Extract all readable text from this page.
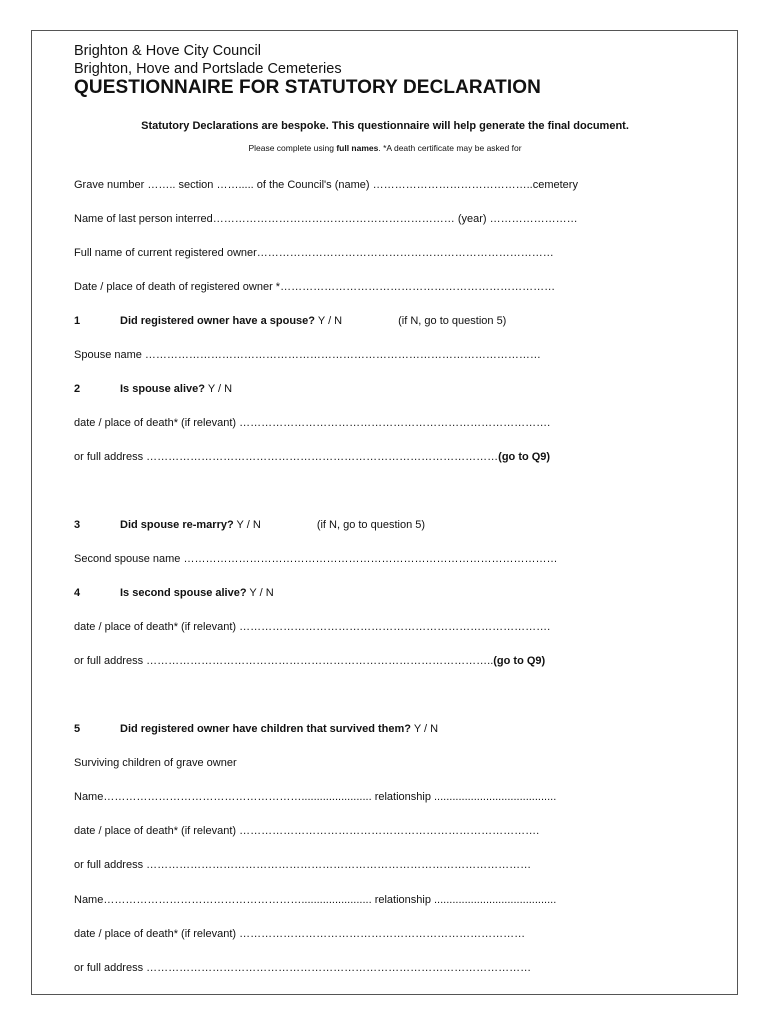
Brighton & Hove City Council
Brighton, Hove and Portslade Cemeteries
QUESTIONNAIRE FOR STATUTORY DECLARATION
Statutory Declarations are bespoke. This questionnaire will help generate the final document.
Please complete using full names. *A death certificate may be asked for
Grave number …….. section ……..... of the Council's (name) ……………………………………..cemetery
Name of last person interred………………………………………………………… (year) ……………………
Full name of current registered owner………………………………………………………………………
Date / place of death of registered owner *…………………………………………………………………
1	Did registered owner have a spouse? Y / N	(if N, go to question 5)
Spouse name ………………………………………………………………………………………………
2	Is spouse alive? Y / N
date / place of death* (if relevant) ………………………………………………………………………….
or full address ……………………………………………………………………………………(go to Q9)
3	Did spouse re-marry? Y / N	(if N, go to question 5)
Second spouse name …………………………………………………………………………………………
4	Is second spouse alive? Y / N
date / place of death* (if relevant) ………………………………………………………………………….
or full address …………………………………………………………………………………..(go to Q9)
5	Did registered owner have children that survived them? Y / N
Surviving children of grave owner
Name………………………………………………....................... relationship ........................................
date / place of death* (if relevant) ……………………………………………………………………….
or full address ……………………………………………………………………………………………
Name………………………………………………....................... relationship ........................................
date / place of death* (if relevant) ……………………………………………………………………
or full address ……………………………………………………………………………………………
